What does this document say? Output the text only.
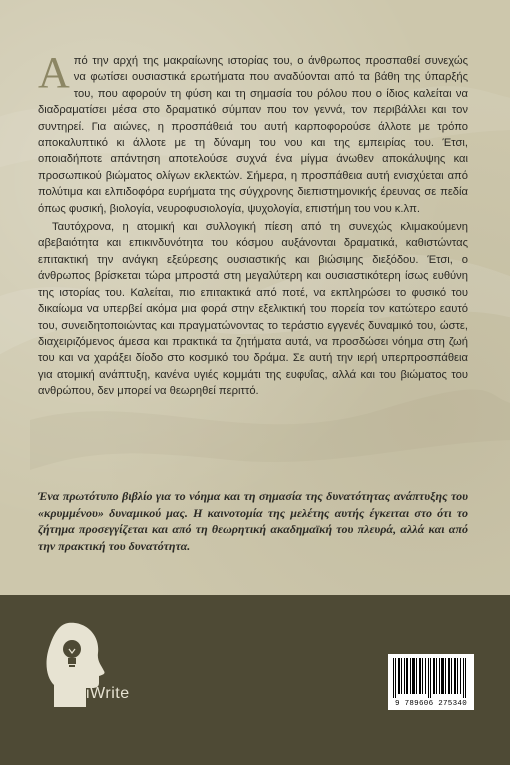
Από την αρχή της μακραίωνης ιστορίας του, ο άνθρωπος προσπαθεί συνεχώς να φωτίσει ουσιαστικά ερωτήματα που αναδύονται από τα βάθη της ύπαρξής του, που αφορούν τη φύση και τη σημασία του ρόλου που ο ίδιος καλείται να διαδραματίσει μέσα στο δραματικό σύμπαν που τον γεννά, τον περιβάλλει και τον συντηρεί. Για αιώνες, η προσπάθειά του αυτή καρποφορούσε άλλοτε με τρόπο αποκαλυπτικό κι άλλοτε με τη δύναμη του νου και της εμπειρίας του. Έτσι, οποιαδήποτε απάντηση αποτελούσε συχνά ένα μίγμα άνωθεν αποκάλυψης και προσωπικού βιώματος ολίγων εκλεκτών. Σήμερα, η προσπάθεια αυτή ενισχύεται από πολύτιμα και ελπιδοφόρα ευρήματα της σύγχρονης διεπιστημονικής έρευνας σε πεδία όπως φυσική, βιολογία, νευροφυσιολογία, ψυχολογία, επιστήμη του νου κ.λπ.

Ταυτόχρονα, η ατομική και συλλογική πίεση από τη συνεχώς κλιμακούμενη αβεβαιότητα και επικινδυνότητα του κόσμου αυξάνονται δραματικά, καθιστώντας επιτακτική την ανάγκη εξεύρεσης ουσιαστικής και βιώσιμης διεξόδου. Έτσι, ο άνθρωπος βρίσκεται τώρα μπροστά στη μεγαλύτερη και ουσιαστικότερη ίσως ευθύνη της ιστορίας του. Καλείται, πιο επιτακτικά από ποτέ, να εκπληρώσει το φυσικό του δικαίωμα να υπερβεί ακόμα μια φορά στην εξελικτική του πορεία τον κατώτερο εαυτό του, συνειδητοποιώντας και πραγματώνοντας το τεράστιο εγγενές δυναμικό του, ώστε, διαχειριζόμενος άμεσα και πρακτικά τα ζητήματα αυτά, να προσδώσει νόημα στη ζωή του και να χαράξει δίοδο στο κοσμικό του δράμα. Σε αυτή την ιερή υπερπροσπάθεια για ατομική ανάπτυξη, κανένα υγιές κομμάτι της ευφυΐας, αλλά και του βιώματος του ανθρώπου, δεν μπορεί να θεωρηθεί περιττό.

Ένα πρωτότυπο βιβλίο για το νόημα και τη σημασία της δυνατότητας ανάπτυξης του «κρυμμένου» δυναμικού μας. Η καινοτομία της μελέτης αυτής έγκειται στο ότι το ζήτημα προσεγγίζεται και από τη θεωρητική ακαδημαϊκή του πλευρά, αλλά και από την πρακτική του δυνατότητα.
iWrite
9 789606 275340
